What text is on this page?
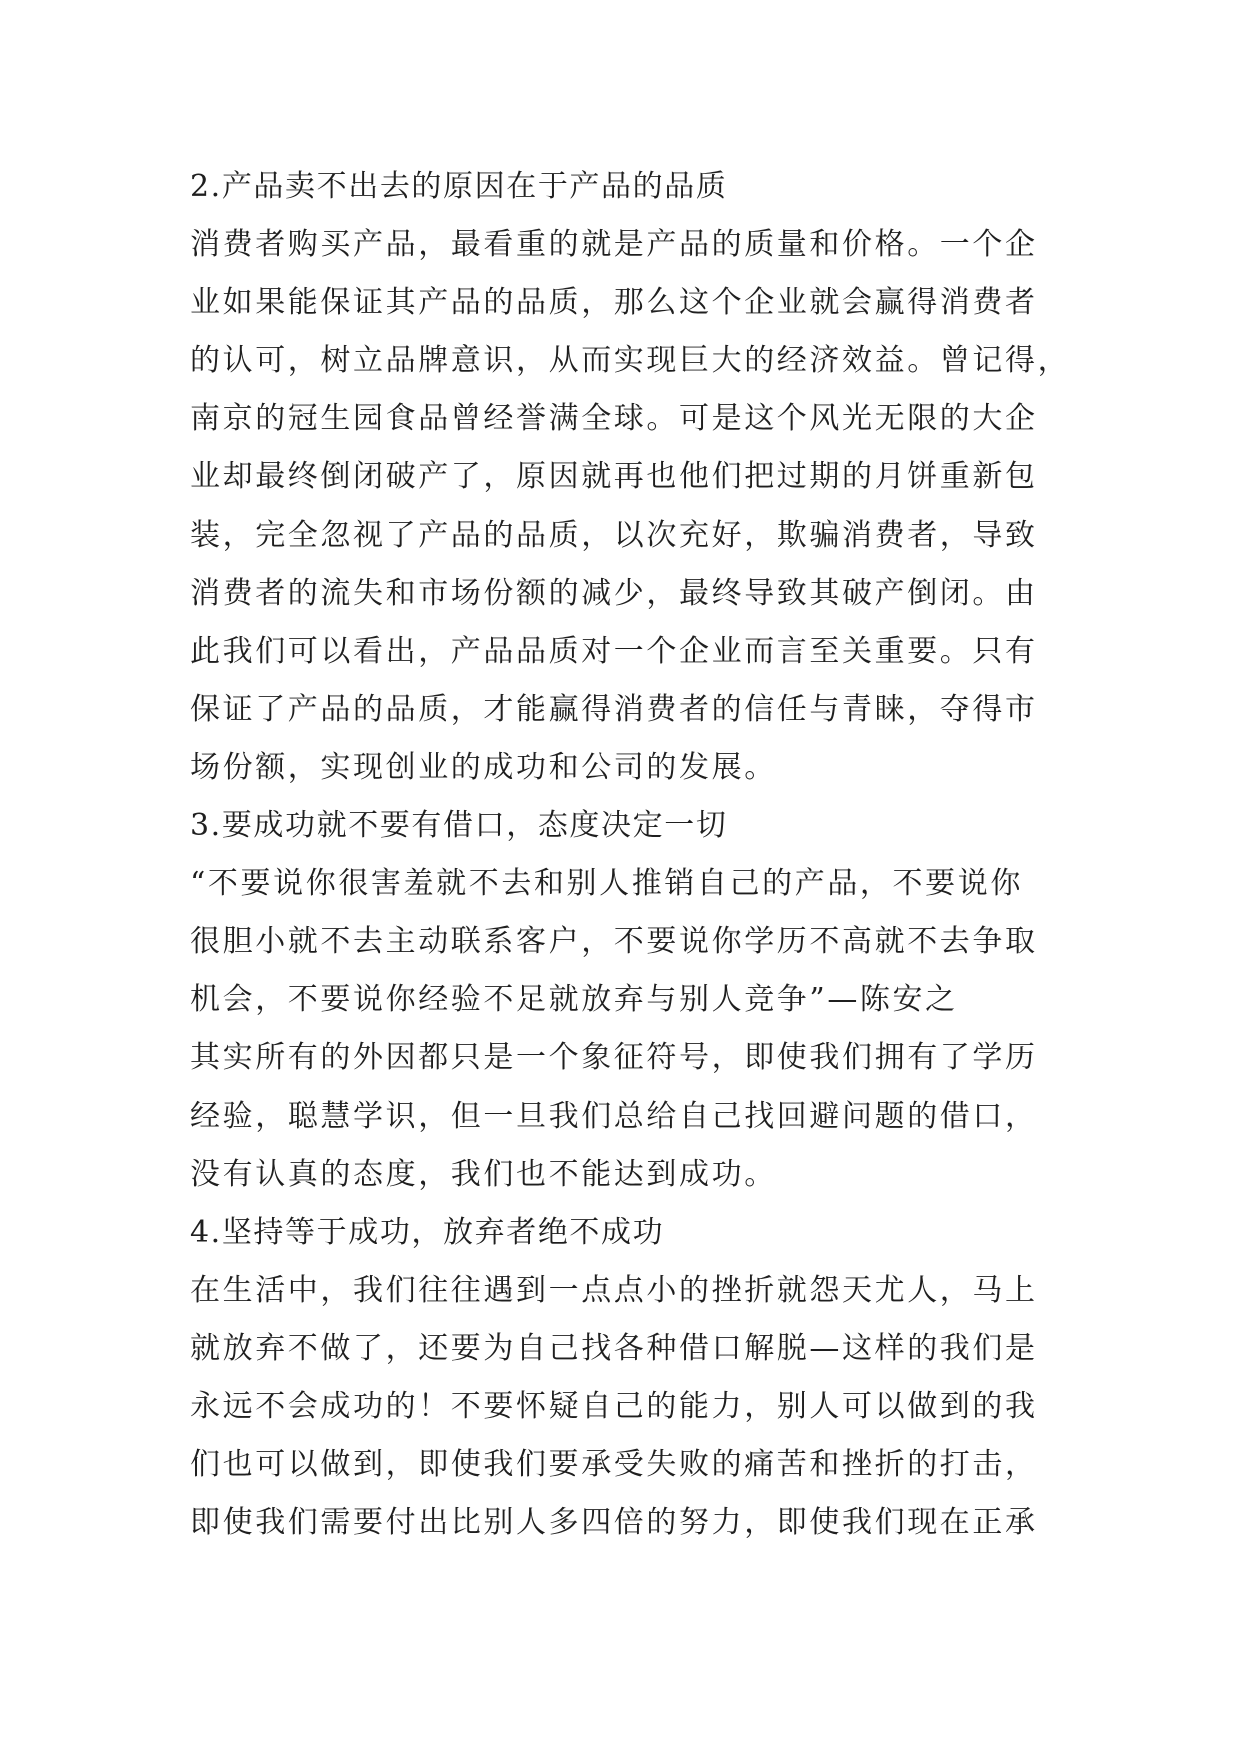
2.产品卖不出去的原因在于产品的品质
消费者购买产品，最看重的就是产品的质量和价格。一个企
业如果能保证其产品的品质，那么这个企业就会赢得消费者
的认可，树立品牌意识，从而实现巨大的经济效益。曾记得，
南京的冠生园食品曾经誉满全球。可是这个风光无限的大企
业却最终倒闭破产了，原因就再也他们把过期的月饼重新包
装，完全忽视了产品的品质，以次充好，欺骗消费者，导致
消费者的流失和市场份额的减少，最终导致其破产倒闭。由
此我们可以看出，产品品质对一个企业而言至关重要。只有
保证了产品的品质，才能赢得消费者的信任与青睐，夺得市
场份额，实现创业的成功和公司的发展。
3.要成功就不要有借口，态度决定一切
“不要说你很害羞就不去和别人推销自己的产品，不要说你
很胆小就不去主动联系客户，不要说你学历不高就不去争取
机会，不要说你经验不足就放弃与别人竞争”—陈安之
其实所有的外因都只是一个象征符号，即使我们拥有了学历
经验，聪慧学识，但一旦我们总给自己找回避问题的借口，
没有认真的态度，我们也不能达到成功。
4.坚持等于成功，放弃者绝不成功
在生活中，我们往往遇到一点点小的挫折就怨天尤人，马上
就放弃不做了，还要为自己找各种借口解脱—这样的我们是
永远不会成功的！不要怀疑自己的能力，别人可以做到的我
们也可以做到，即使我们要承受失败的痛苦和挫折的打击，
即使我们需要付出比别人多四倍的努力，即使我们现在正承
